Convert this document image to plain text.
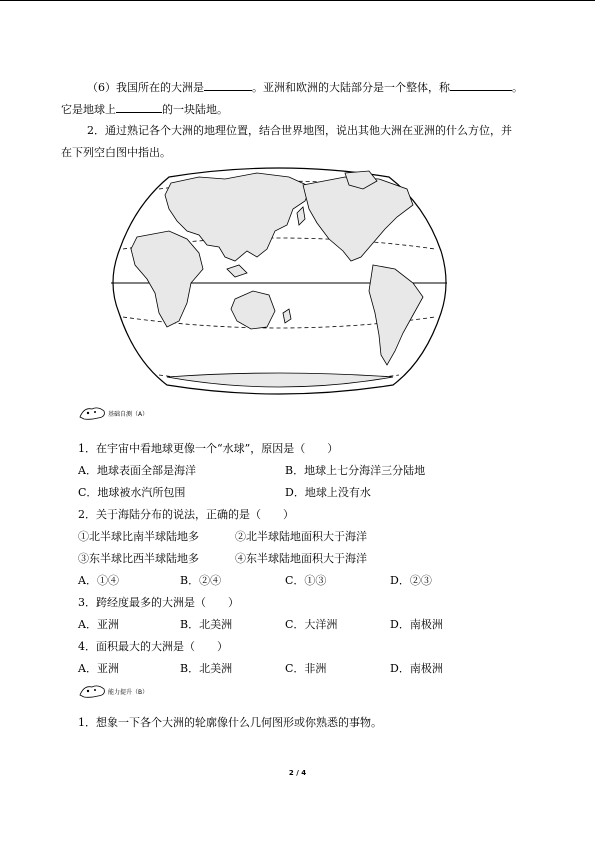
（6）我国所在的大洲是	。亚洲和欧洲的大陆部分是一个整体，称	。
它是地球上	的一块陆地。
2．通过熟记各个大洲的地理位置，结合世界地图，说出其他大洲在亚洲的什么方位，并
在下列空白图中指出。
基础自测（A）
1．在宇宙中看地球更像一个“水球”，原因是（　　）
A．地球表面全部是海洋	B．地球上七分海洋三分陆地
C．地球被水汽所包围	D．地球上没有水
2．关于海陆分布的说法，正确的是（　　）
①北半球比南半球陆地多	②北半球陆地面积大于海洋
③东半球比西半球陆地多	④东半球陆地面积大于海洋
A．①④	B．②④	C．①③	D．②③
3．跨经度最多的大洲是（　　）
A．亚洲	B．北美洲	C．大洋洲	D．南极洲
4．面积最大的大洲是（　　）
A．亚洲	B．北美洲	C．非洲	D．南极洲
能力提升（B）
1．想象一下各个大洲的轮廓像什么几何图形或你熟悉的事物。
2 / 4
